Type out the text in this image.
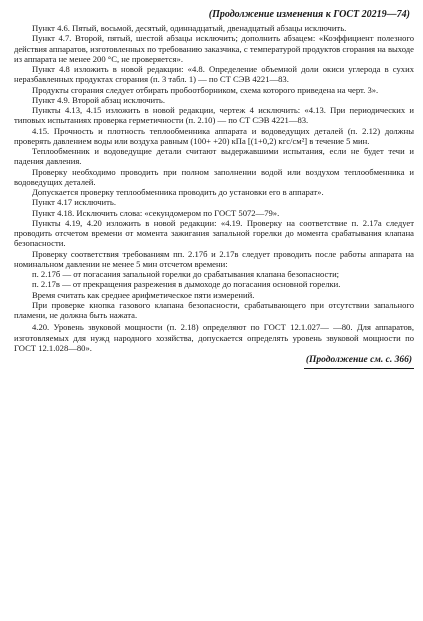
(Продолжение изменения к ГОСТ 20219—74)

Пункт 4.6. Пятый, восьмой, десятый, одиннадцатый, двенадцатый абзацы исключить.

Пункт 4.7. Второй, пятый, шестой абзацы исключить; дополнить абзацем: «Коэффициент полезного действия аппаратов, изготовленных по требованию заказчика, с температурой продуктов сгорания на выходе из аппарата не менее 200 °С, не проверяется».

Пункт 4.8 изложить в новой редакции: «4.8. Определение объемной доли окиси углерода в сухих неразбавленных продуктах сгорания (п. 3 табл. 1) — по СТ СЭВ 4221—83.

Продукты сгорания следует отбирать пробоотборником, схема которого приведена на черт. 3».

Пункт 4.9. Второй абзац исключить.

Пункты 4.13, 4.15 изложить в новой редакции, чертеж 4 исключить: «4.13. При периодических и типовых испытаниях проверка герметичности (п. 2.10) — по СТ СЭВ 4221—83.

4.15. Прочность и плотность теплообменника аппарата и водоведущих деталей (п. 2.12) должны проверять давлением воды или воздуха равным (100+ +20) кПа [(1+0,2) кгс/см²] в течение 5 мин.

Теплообменник и водоведущие детали считают выдержавшими испытания, если не будет течи и падения давления.

Проверку необходимо проводить при полном заполнении водой или воздухом теплообменника и водоведущих деталей.

Допускается проверку теплообменника проводить до установки его в аппарат».

Пункт 4.17 исключить.

Пункт 4.18. Исключить слова: «секундомером по ГОСТ 5072—79».

Пункты 4.19, 4.20 изложить в новой редакции: «4.19. Проверку на соответствие п. 2.17а следует проводить отсчетом времени от момента зажигания запальной горелки до момента срабатывания клапана безопасности.

Проверку соответствия требованиям пп. 2.17б и 2.17в следует проводить после работы аппарата на номинальном давлении не менее 5 мин отсчетом времени:

п. 2.17б — от погасания запальной горелки до срабатывания клапана безопасности;

п. 2.17в — от прекращения разрежения в дымоходе до погасания основной горелки.

Время считать как среднее арифметическое пяти измерений.

При проверке кнопка газового клапана безопасности, срабатывающего при отсутствии запального пламени, не должна быть нажата.

4.20. Уровень звуковой мощности (п. 2.18) определяют по ГОСТ 12.1.027— —80. Для аппаратов, изготовляемых для нужд народного хозяйства, допускается определять уровень звуковой мощности по ГОСТ 12.1.028—80».

(Продолжение см. с. 366)
